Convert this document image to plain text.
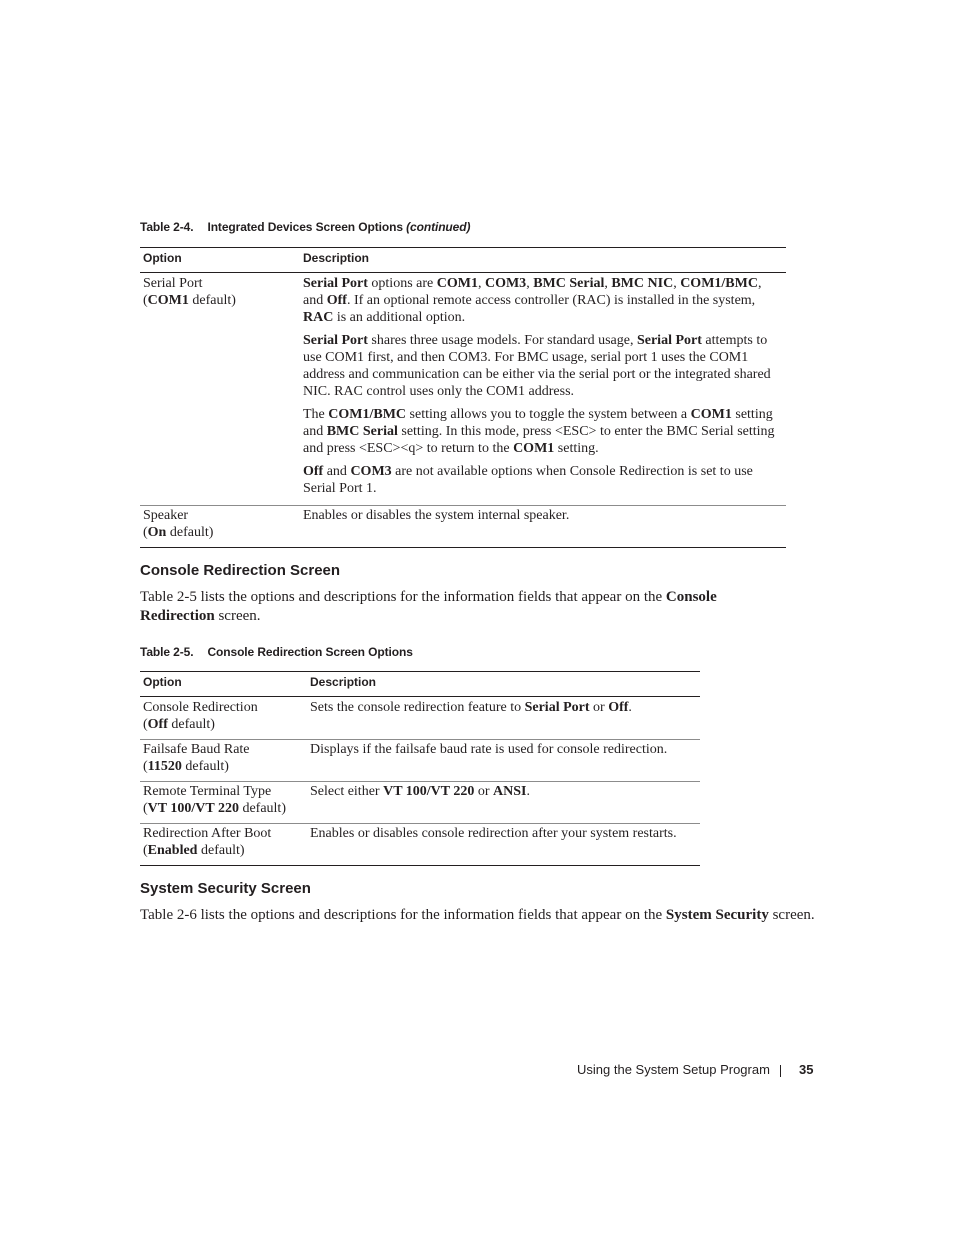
Table 2-4. Integrated Devices Screen Options (continued)
Option	Description
Serial Port
(COM1 default)

Serial Port options are COM1, COM3, BMC Serial, BMC NIC, COM1/BMC, and Off. If an optional remote access controller (RAC) is installed in the system, RAC is an additional option.

Serial Port shares three usage models. For standard usage, Serial Port attempts to use COM1 first, and then COM3. For BMC usage, serial port 1 uses the COM1 address and communication can be either via the serial port or the integrated shared NIC. RAC control uses only the COM1 address.

The COM1/BMC setting allows you to toggle the system between a COM1 setting and BMC Serial setting. In this mode, press <ESC> to enter the BMC Serial setting and press <ESC><q> to return to the COM1 setting.

Off and COM3 are not available options when Console Redirection is set to use Serial Port 1.

Speaker
(On default)
Enables or disables the system internal speaker.
Console Redirection Screen
Table 2-5 lists the options and descriptions for the information fields that appear on the Console Redirection screen.
Table 2-5. Console Redirection Screen Options
Option	Description
Console Redirection
(Off default)
Sets the console redirection feature to Serial Port or Off.
Failsafe Baud Rate
(11520 default)
Displays if the failsafe baud rate is used for console redirection.
Remote Terminal Type
(VT 100/VT 220 default)
Select either VT 100/VT 220 or ANSI.
Redirection After Boot
(Enabled default)
Enables or disables console redirection after your system restarts.
System Security Screen
Table 2-6 lists the options and descriptions for the information fields that appear on the System Security screen.
Using the System Setup Program 35
